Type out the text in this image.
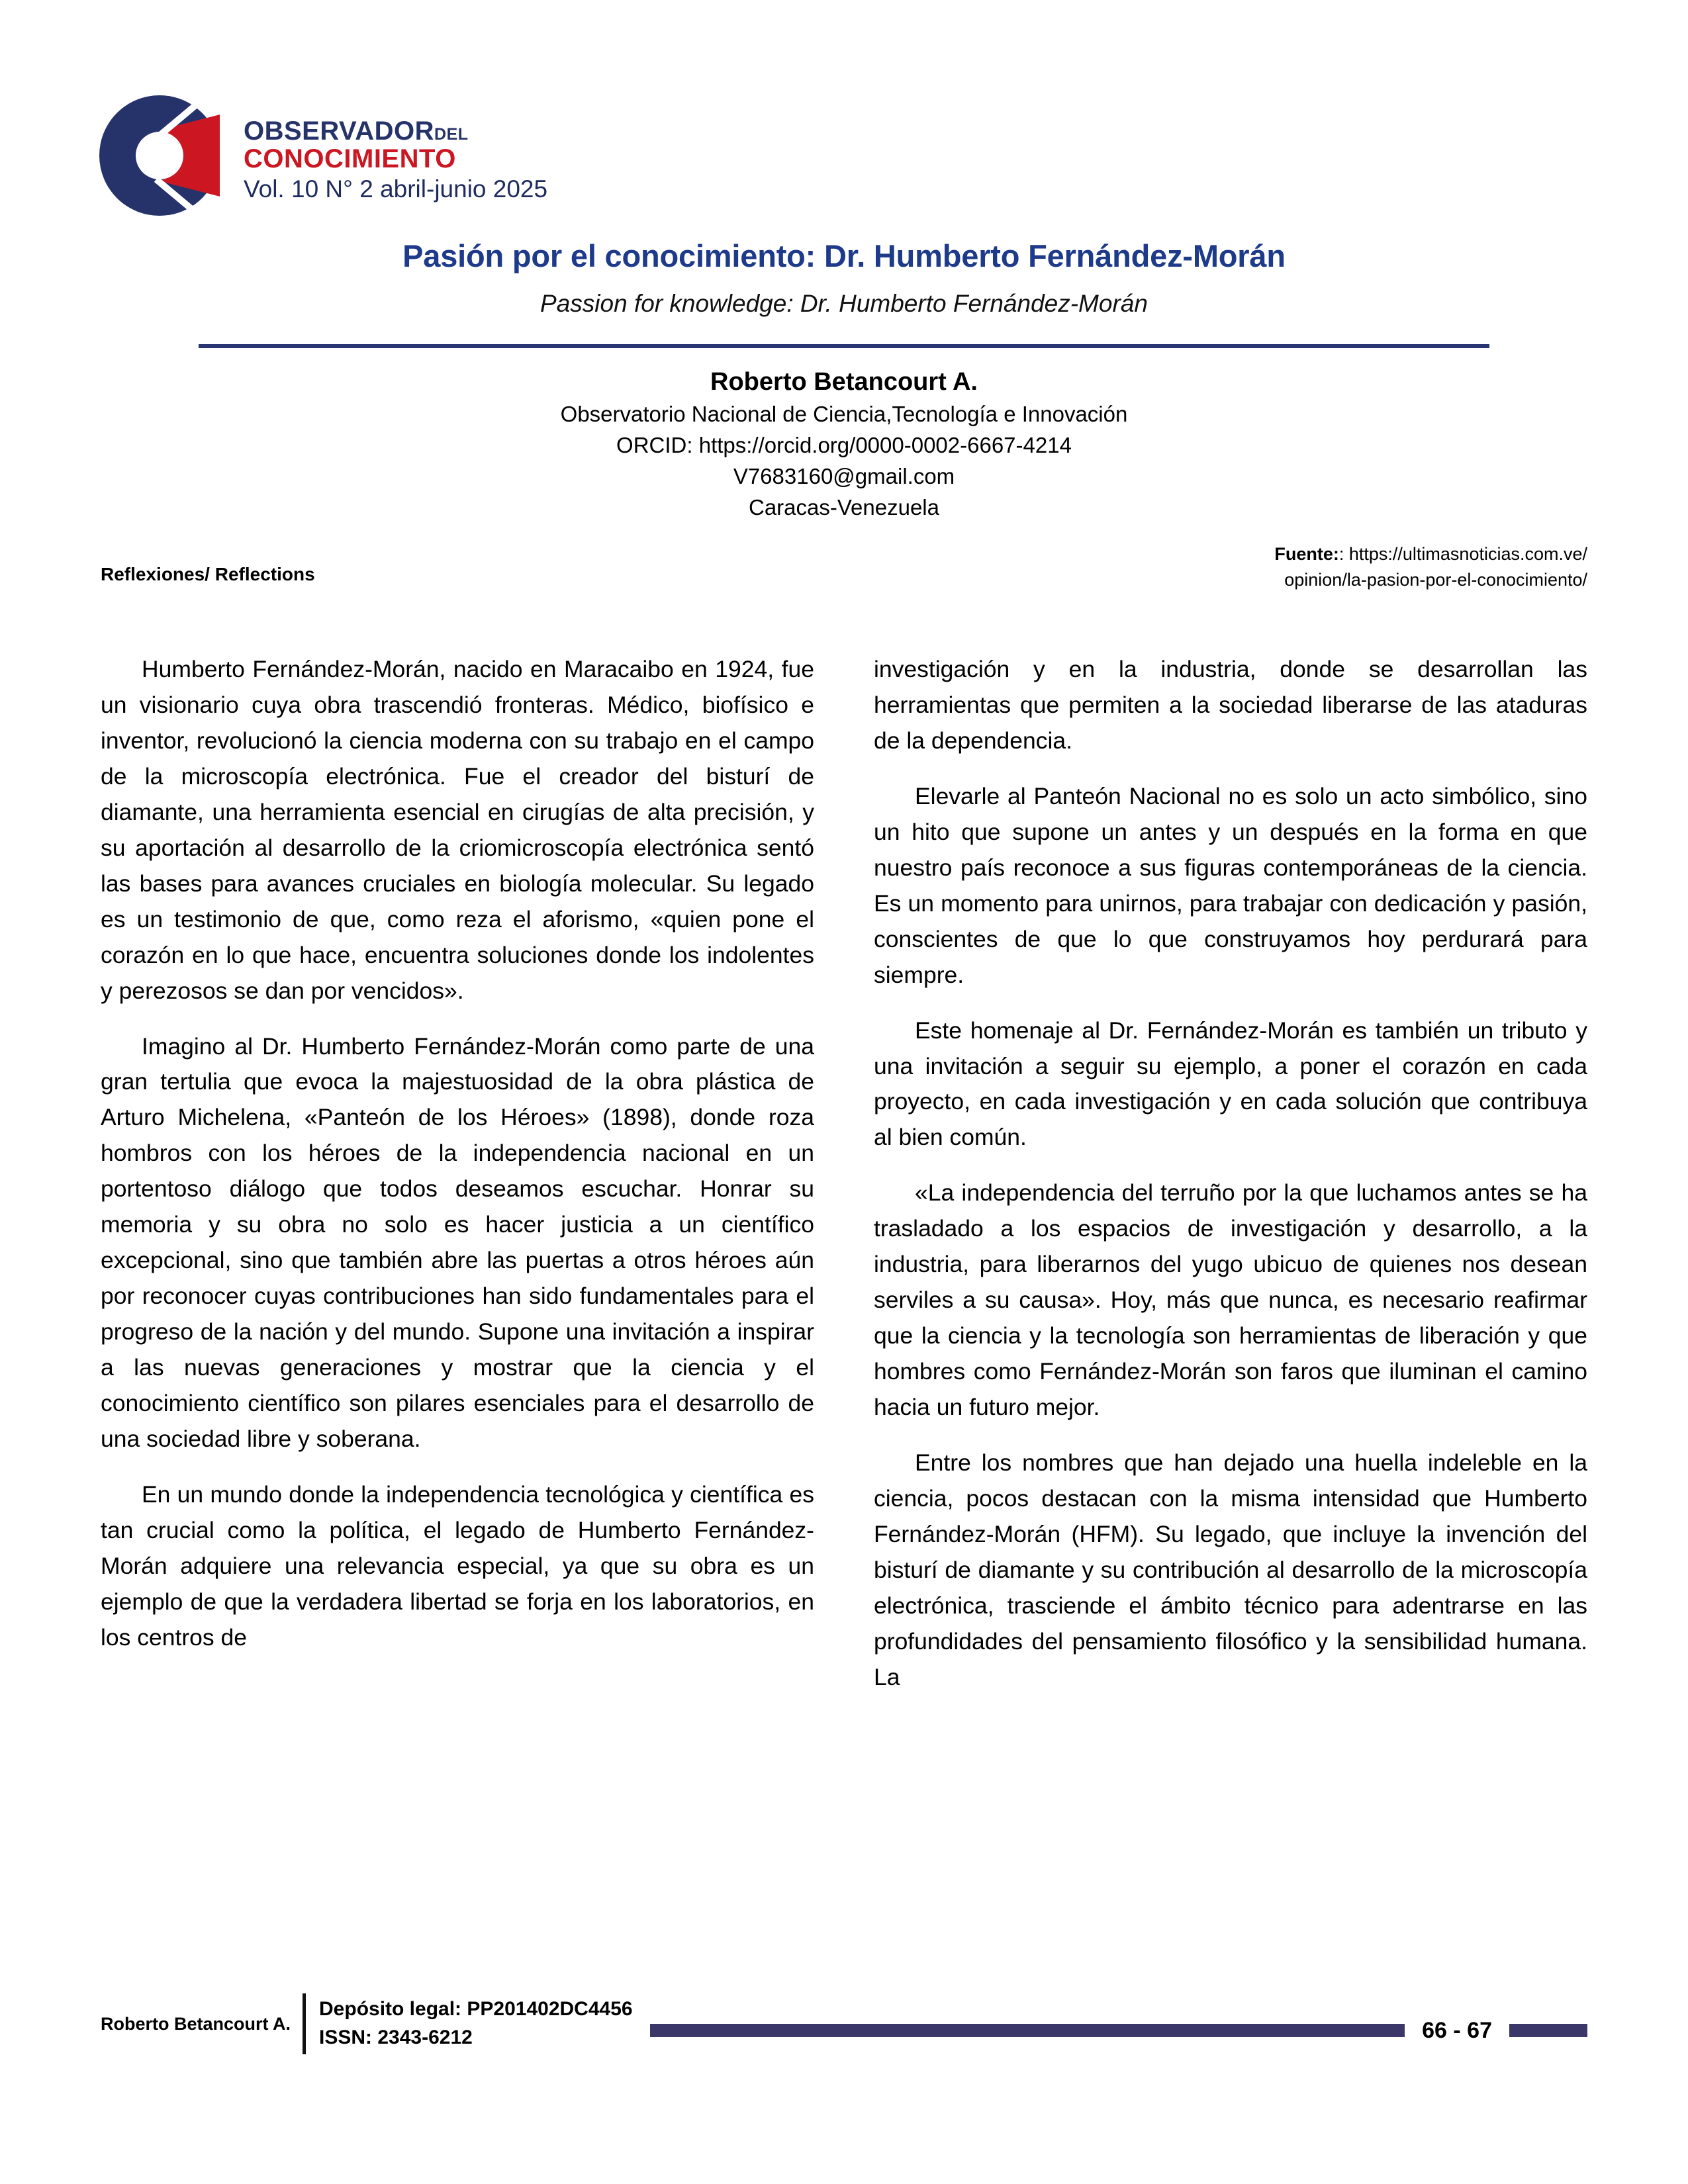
OBSERVADORDEL
CONOCIMIENTO
Vol. 10 N° 2 abril-junio 2025
Pasión por el conocimiento: Dr. Humberto Fernández-Morán
Passion for knowledge: Dr. Humberto Fernández-Morán
Roberto Betancourt A.
Observatorio Nacional de Ciencia,Tecnología e Innovación
ORCID: https://orcid.org/0000-0002-6667-4214
V7683160@gmail.com
Caracas-Venezuela
Reflexiones/ Reflections
Fuente:: https://ultimasnoticias.com.ve/
opinion/la-pasion-por-el-conocimiento/

Humberto Fernández-Morán, nacido en Maracaibo en 1924, fue un visionario cuya obra trascendió fronteras. Médico, biofísico e inventor, revolucionó la ciencia moderna con su trabajo en el campo de la microscopía electrónica. Fue el creador del bisturí de diamante, una herramienta esencial en cirugías de alta precisión, y su aportación al desarrollo de la criomicroscopía electrónica sentó las bases para avances cruciales en biología molecular. Su legado es un testimonio de que, como reza el aforismo, «quien pone el corazón en lo que hace, encuentra soluciones donde los indolentes y perezosos se dan por vencidos».

Imagino al Dr. Humberto Fernández-Morán como parte de una gran tertulia que evoca la majestuosidad de la obra plástica de Arturo Michelena, «Panteón de los Héroes» (1898), donde roza hombros con los héroes de la independencia nacional en un portentoso diálogo que todos deseamos escuchar. Honrar su memoria y su obra no solo es hacer justicia a un científico excepcional, sino que también abre las puertas a otros héroes aún por reconocer cuyas contribuciones han sido fundamentales para el progreso de la nación y del mundo. Supone una invitación a inspirar a las nuevas generaciones y mostrar que la ciencia y el conocimiento científico son pilares esenciales para el desarrollo de una sociedad libre y soberana.

En un mundo donde la independencia tecnológica y científica es tan crucial como la política, el legado de Humberto Fernández-Morán adquiere una relevancia especial, ya que su obra es un ejemplo de que la verdadera libertad se forja en los laboratorios, en los centros de

investigación y en la industria, donde se desarrollan las herramientas que permiten a la sociedad liberarse de las ataduras de la dependencia.

Elevarle al Panteón Nacional no es solo un acto simbólico, sino un hito que supone un antes y un después en la forma en que nuestro país reconoce a sus figuras contemporáneas de la ciencia. Es un momento para unirnos, para trabajar con dedicación y pasión, conscientes de que lo que construyamos hoy perdurará para siempre.

Este homenaje al Dr. Fernández-Morán es también un tributo y una invitación a seguir su ejemplo, a poner el corazón en cada proyecto, en cada investigación y en cada solución que contribuya al bien común.

«La independencia del terruño por la que luchamos antes se ha trasladado a los espacios de investigación y desarrollo, a la industria, para liberarnos del yugo ubicuo de quienes nos desean serviles a su causa». Hoy, más que nunca, es necesario reafirmar que la ciencia y la tecnología son herramientas de liberación y que hombres como Fernández-Morán son faros que iluminan el camino hacia un futuro mejor.

Entre los nombres que han dejado una huella indeleble en la ciencia, pocos destacan con la misma intensidad que Humberto Fernández-Morán (HFM). Su legado, que incluye la invención del bisturí de diamante y su contribución al desarrollo de la microscopía electrónica, trasciende el ámbito técnico para adentrarse en las profundidades del pensamiento filosófico y la sensibilidad humana. La

Roberto Betancourt A.
Depósito legal: PP201402DC4456
ISSN: 2343-6212	66 - 67
